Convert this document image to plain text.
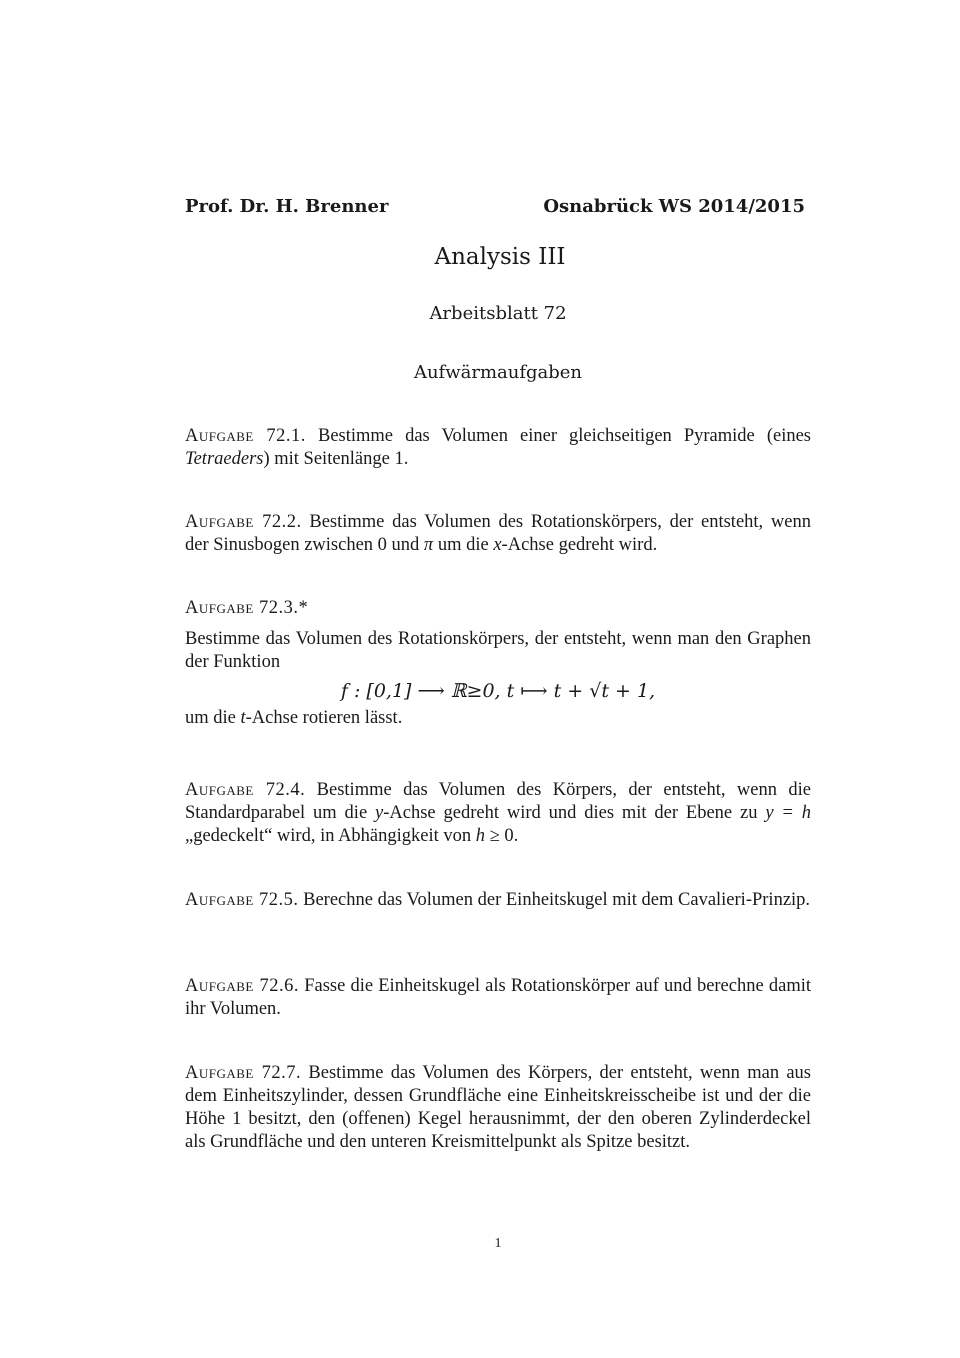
Prof. Dr. H. Brenner	Osnabrück WS 2014/2015
Analysis III
Arbeitsblatt 72
Aufwärmaufgaben
Aufgabe 72.1. Bestimme das Volumen einer gleichseitigen Pyramide (eines Tetraeders) mit Seitenlänge 1.
Aufgabe 72.2. Bestimme das Volumen des Rotationskörpers, der entsteht, wenn der Sinusbogen zwischen 0 und π um die x-Achse gedreht wird.
Aufgabe 72.3.*
Bestimme das Volumen des Rotationskörpers, der entsteht, wenn man den Graphen der Funktion
f : [0,1] ⟶ ℝ≥0, t ⟼ t + √t + 1,
um die t-Achse rotieren lässt.
Aufgabe 72.4. Bestimme das Volumen des Körpers, der entsteht, wenn die Standardparabel um die y-Achse gedreht wird und dies mit der Ebene zu y = h „gedeckelt“ wird, in Abhängigkeit von h ≥ 0.
Aufgabe 72.5. Berechne das Volumen der Einheitskugel mit dem Cavalieri-Prinzip.
Aufgabe 72.6. Fasse die Einheitskugel als Rotationskörper auf und berechne damit ihr Volumen.
Aufgabe 72.7. Bestimme das Volumen des Körpers, der entsteht, wenn man aus dem Einheitszylinder, dessen Grundfläche eine Einheitskreisscheibe ist und der die Höhe 1 besitzt, den (offenen) Kegel herausnimmt, der den oberen Zylinderdeckel als Grundfläche und den unteren Kreismittelpunkt als Spitze besitzt.
1
